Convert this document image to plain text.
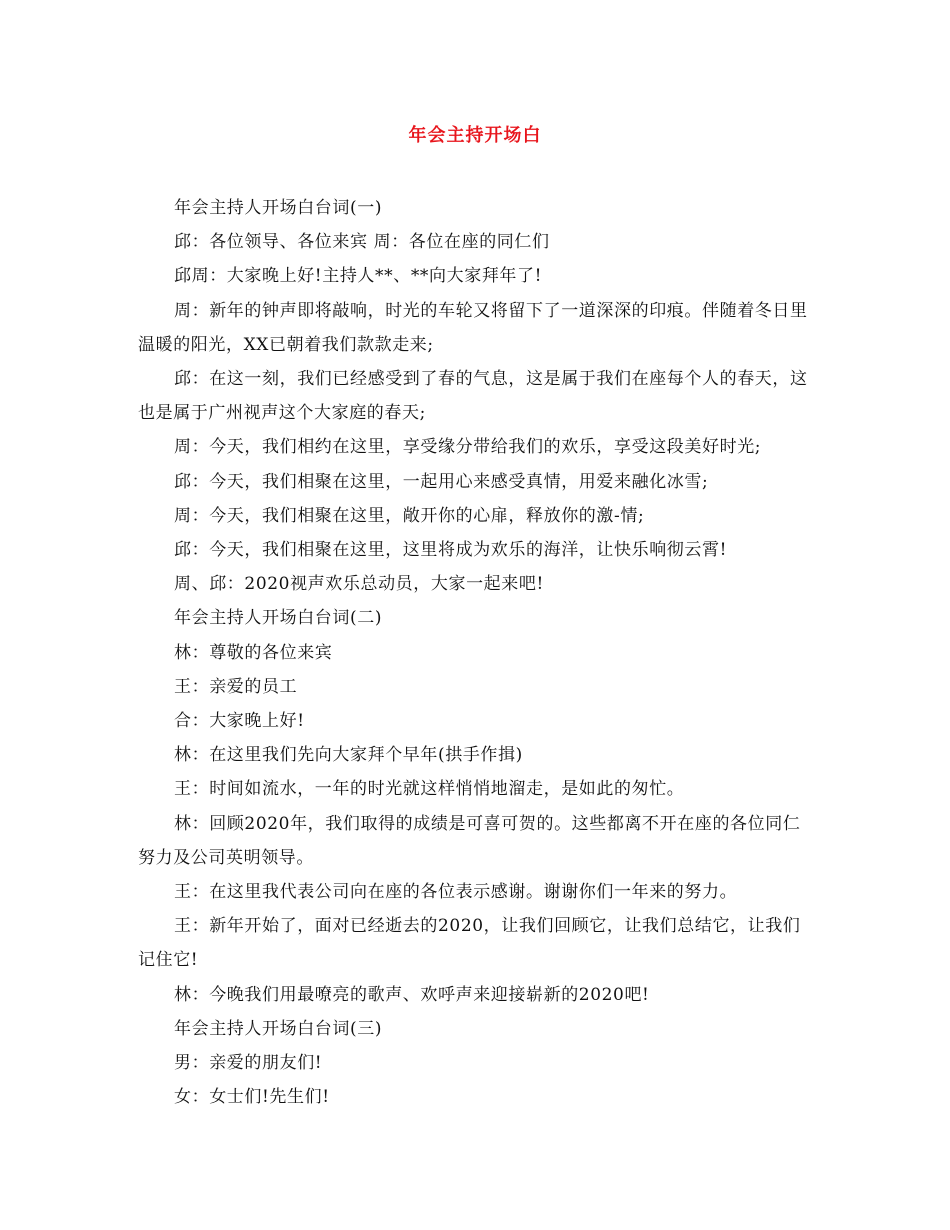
年会主持开场白

年会主持人开场白台词(一)

邱：各位领导、各位来宾 周：各位在座的同仁们

邱周：大家晚上好!主持人**、**向大家拜年了!

周：新年的钟声即将敲响，时光的车轮又将留下了一道深深的印痕。伴随着冬日里温暖的阳光，XX已朝着我们款款走来;

邱：在这一刻，我们已经感受到了春的气息，这是属于我们在座每个人的春天，这也是属于广州视声这个大家庭的春天;

周：今天，我们相约在这里，享受缘分带给我们的欢乐，享受这段美好时光;

邱：今天，我们相聚在这里，一起用心来感受真情，用爱来融化冰雪;

周：今天，我们相聚在这里，敞开你的心扉，释放你的激-情;

邱：今天，我们相聚在这里，这里将成为欢乐的海洋，让快乐响彻云霄!

周、邱：2020视声欢乐总动员，大家一起来吧!

年会主持人开场白台词(二)

林：尊敬的各位来宾

王：亲爱的员工

合：大家晚上好!

林：在这里我们先向大家拜个早年(拱手作揖)

王：时间如流水，一年的时光就这样悄悄地溜走，是如此的匆忙。

林：回顾2020年，我们取得的成绩是可喜可贺的。这些都离不开在座的各位同仁努力及公司英明领导。

王：在这里我代表公司向在座的各位表示感谢。谢谢你们一年来的努力。

王：新年开始了，面对已经逝去的2020，让我们回顾它，让我们总结它，让我们记住它!

林：今晚我们用最嘹亮的歌声、欢呼声来迎接崭新的2020吧!

年会主持人开场白台词(三)

男：亲爱的朋友们!

女：女士们!先生们!
